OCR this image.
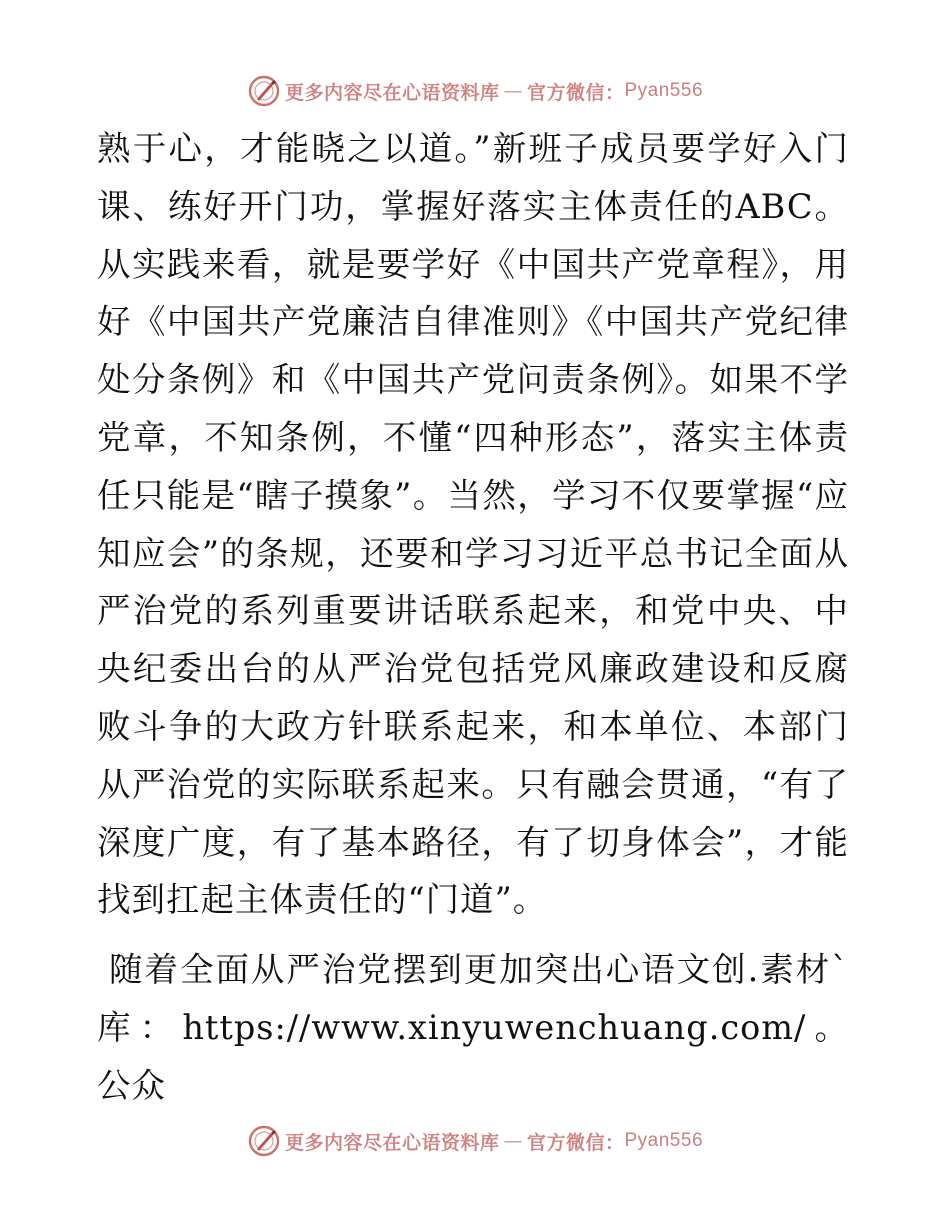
更多内容尽在心语资料库 — 官方微信： Pyan556

熟于心，才能晓之以道。”新班子成员要学好入门课、练好开门功，掌握好落实主体责任的ABC。从实践来看，就是要学好《中国共产党章程》，用好《中国共产党廉洁自律准则》《中国共产党纪律处分条例》和《中国共产党问责条例》。如果不学党章，不知条例，不懂“四种形态”，落实主体责任只能是“瞎子摸象”。当然，学习不仅要掌握“应知应会”的条规，还要和学习习近平总书记全面从严治党的系列重要讲话联系起来，和党中央、中央纪委出台的从严治党包括党风廉政建设和反腐败斗争的大政方针联系起来，和本单位、本部门从严治党的实际联系起来。只有融会贯通，“有了深度广度，有了基本路径，有了切身体会”，才能找到扛起主体责任的“门道”。

随着全面从严治党摆到更加突出心语文创.素材`库：https://www.xinyuwenchuang.com/。公众

更多内容尽在心语资料库 — 官方微信： Pyan556
